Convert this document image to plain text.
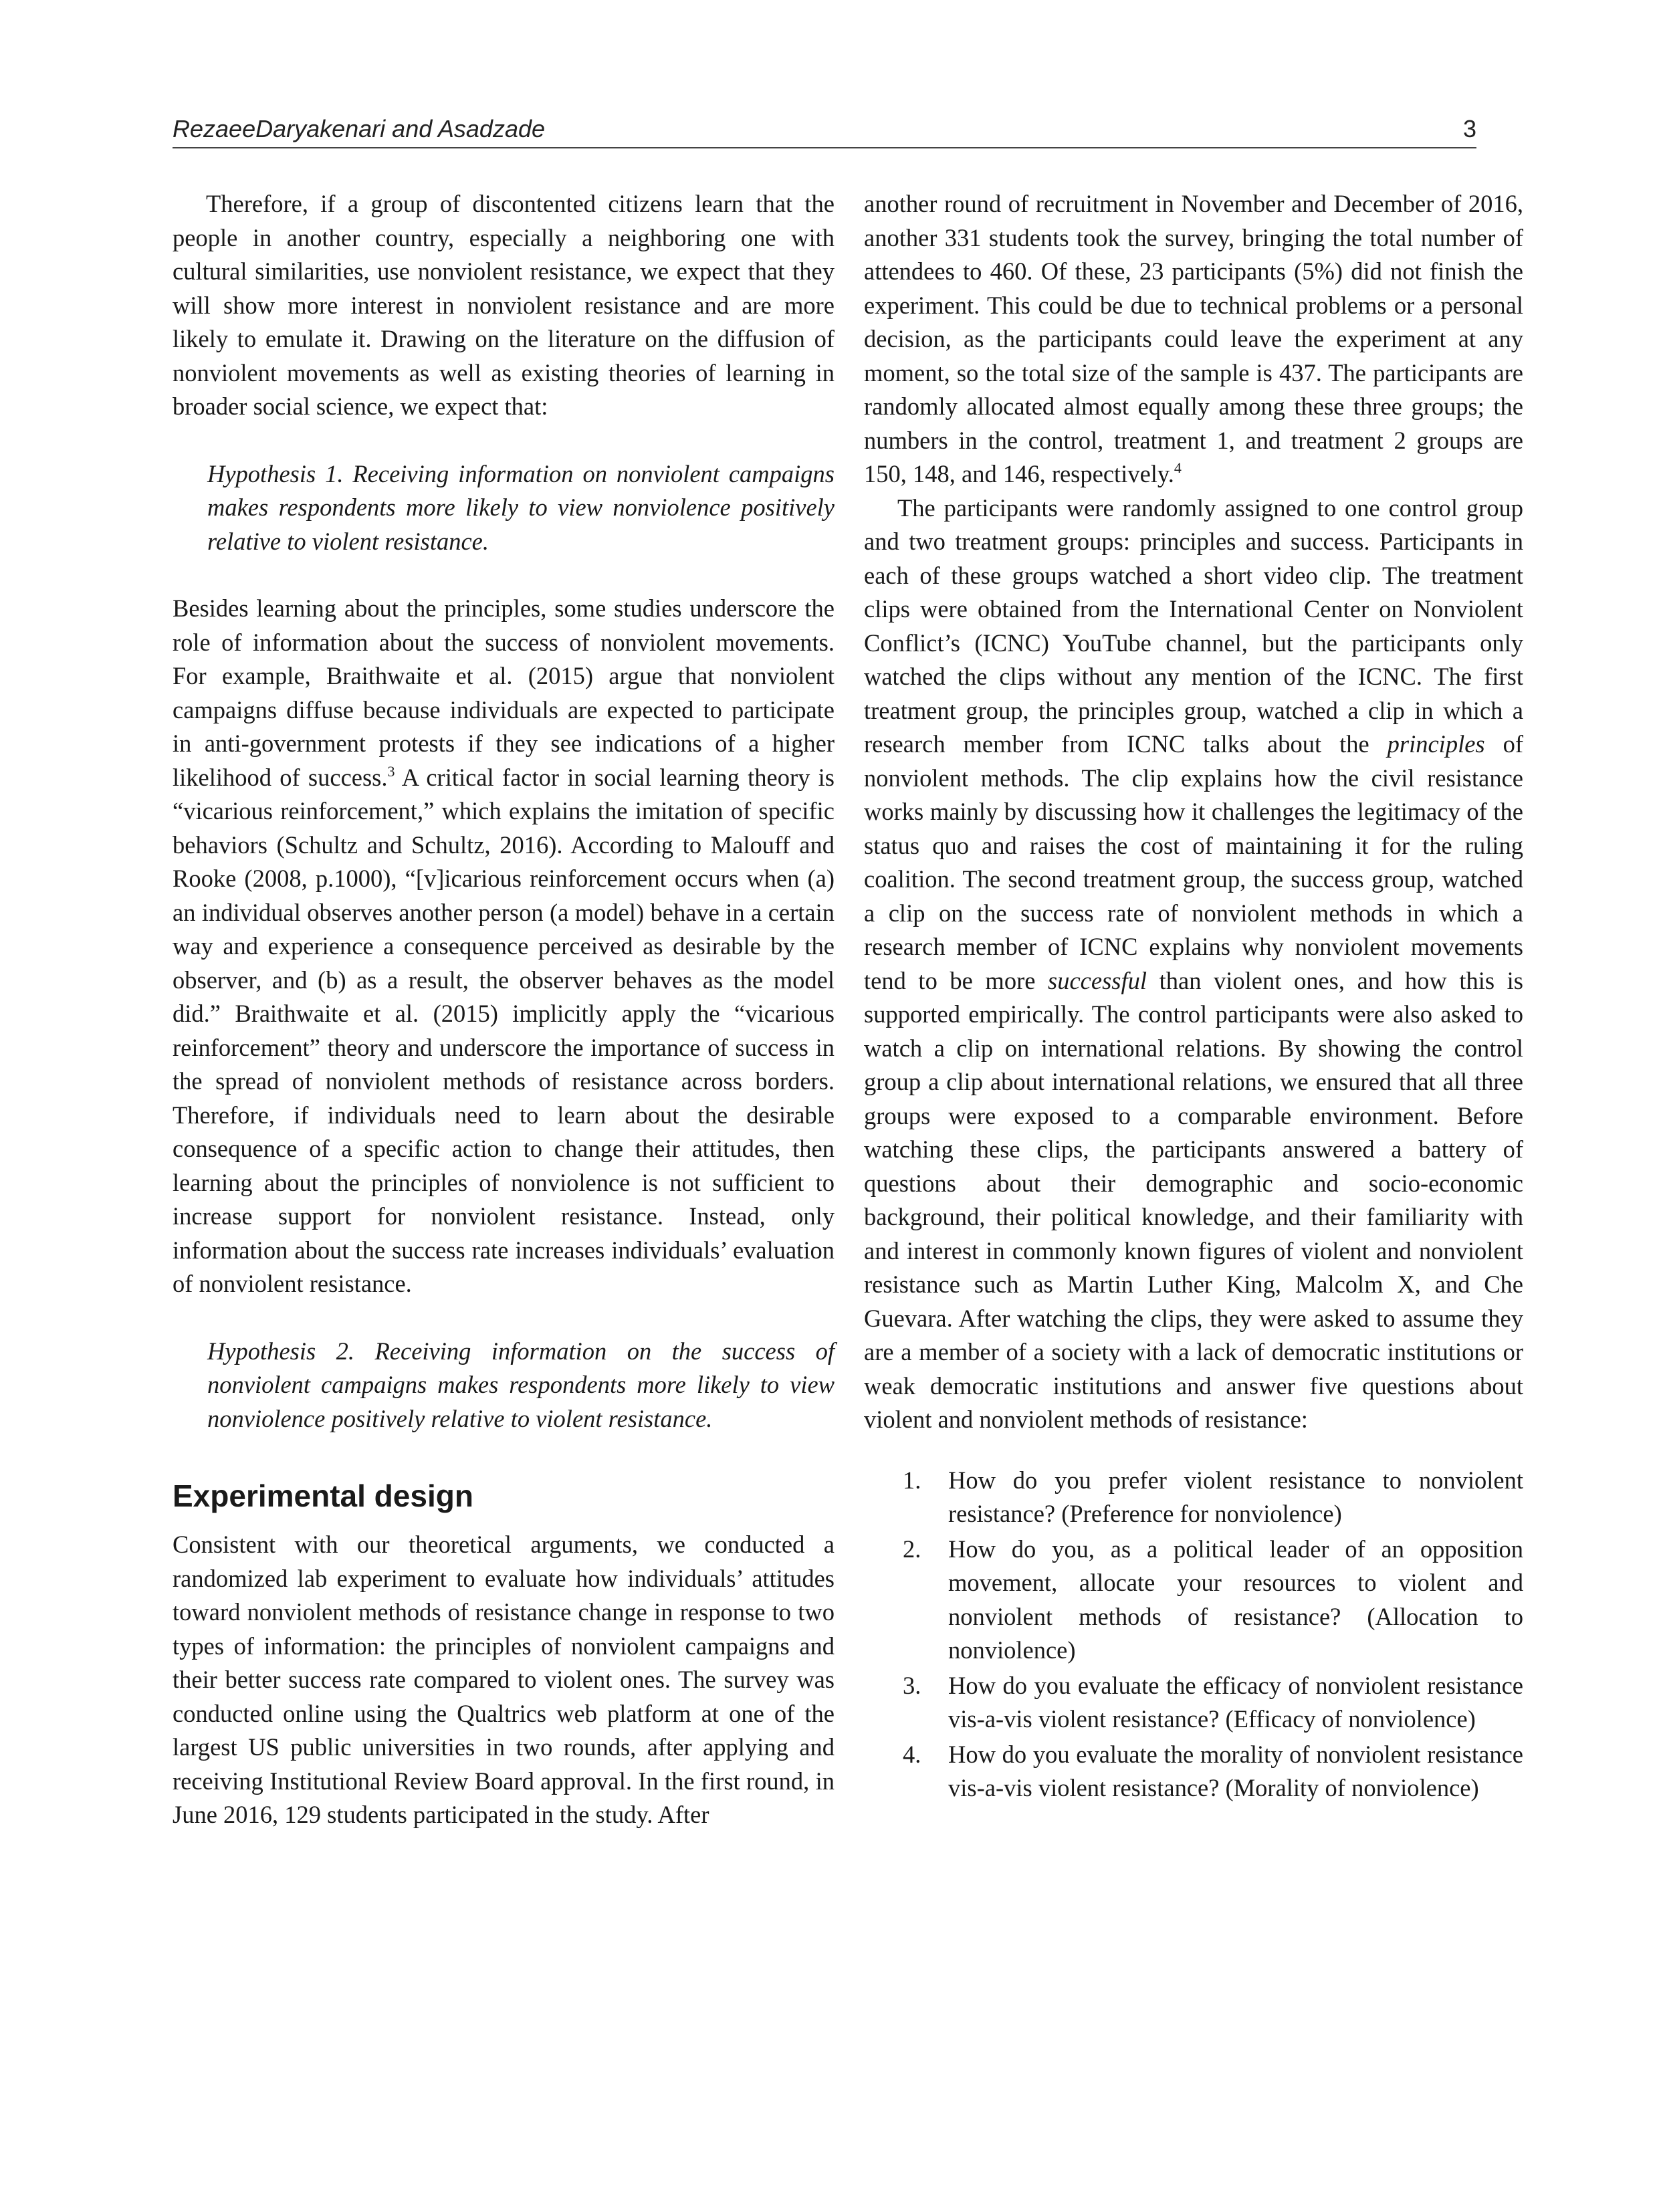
RezaeeDaryakenari and Asadzade	3

Therefore, if a group of discontented citizens learn that the people in another country, especially a neighboring one with cultural similarities, use nonviolent resistance, we expect that they will show more interest in nonviolent resistance and are more likely to emulate it. Drawing on the literature on the diffusion of nonviolent movements as well as existing theories of learning in broader social science, we expect that:

Hypothesis 1. Receiving information on nonviolent campaigns makes respondents more likely to view nonviolence positively relative to violent resistance.

Besides learning about the principles, some studies underscore the role of information about the success of nonviolent movements. For example, Braithwaite et al. (2015) argue that nonviolent campaigns diffuse because individuals are expected to participate in anti-government protests if they see indications of a higher likelihood of success.$^3$ A critical factor in social learning theory is “vicarious reinforcement,” which explains the imitation of specific behaviors (Schultz and Schultz, 2016). According to Malouff and Rooke (2008, p.1000), “[v]icarious reinforcement occurs when (a) an individual observes another person (a model) behave in a certain way and experience a consequence perceived as desirable by the observer, and (b) as a result, the observer behaves as the model did.” Braithwaite et al. (2015) implicitly apply the “vicarious reinforcement” theory and underscore the importance of success in the spread of nonviolent methods of resistance across borders. Therefore, if individuals need to learn about the desirable consequence of a specific action to change their attitudes, then learning about the principles of nonviolence is not sufficient to increase support for nonviolent resistance. Instead, only information about the success rate increases individuals’ evaluation of nonviolent resistance.

Hypothesis 2. Receiving information on the success of nonviolent campaigns makes respondents more likely to view nonviolence positively relative to violent resistance.

Experimental design

Consistent with our theoretical arguments, we conducted a randomized lab experiment to evaluate how individuals’ attitudes toward nonviolent methods of resistance change in response to two types of information: the principles of nonviolent campaigns and their better success rate compared to violent ones. The survey was conducted online using the Qualtrics web platform at one of the largest US public universities in two rounds, after applying and receiving Institutional Review Board approval. In the first round, in June 2016, 129 students participated in the study. After

another round of recruitment in November and December of 2016, another 331 students took the survey, bringing the total number of attendees to 460. Of these, 23 participants (5%) did not finish the experiment. This could be due to technical problems or a personal decision, as the participants could leave the experiment at any moment, so the total size of the sample is 437. The participants are randomly allocated almost equally among these three groups; the numbers in the control, treatment 1, and treatment 2 groups are 150, 148, and 146, respectively.$^4$

The participants were randomly assigned to one control group and two treatment groups: principles and success. Participants in each of these groups watched a short video clip. The treatment clips were obtained from the International Center on Nonviolent Conflict’s (ICNC) YouTube channel, but the participants only watched the clips without any mention of the ICNC. The first treatment group, the principles group, watched a clip in which a research member from ICNC talks about the principles of nonviolent methods. The clip explains how the civil resistance works mainly by discussing how it challenges the legitimacy of the status quo and raises the cost of maintaining it for the ruling coalition. The second treatment group, the success group, watched a clip on the success rate of nonviolent methods in which a research member of ICNC explains why nonviolent movements tend to be more successful than violent ones, and how this is supported empirically. The control participants were also asked to watch a clip on international relations. By showing the control group a clip about international relations, we ensured that all three groups were exposed to a comparable environment. Before watching these clips, the participants answered a battery of questions about their demographic and socio-economic background, their political knowledge, and their familiarity with and interest in commonly known figures of violent and nonviolent resistance such as Martin Luther King, Malcolm X, and Che Guevara. After watching the clips, they were asked to assume they are a member of a society with a lack of democratic institutions or weak democratic institutions and answer five questions about violent and nonviolent methods of resistance:

1. How do you prefer violent resistance to nonviolent resistance? (Preference for nonviolence)
2. How do you, as a political leader of an opposition movement, allocate your resources to violent and nonviolent methods of resistance? (Allocation to nonviolence)
3. How do you evaluate the efficacy of nonviolent resistance vis-a-vis violent resistance? (Efficacy of nonviolence)
4. How do you evaluate the morality of nonviolent resistance vis-a-vis violent resistance? (Morality of nonviolence)
